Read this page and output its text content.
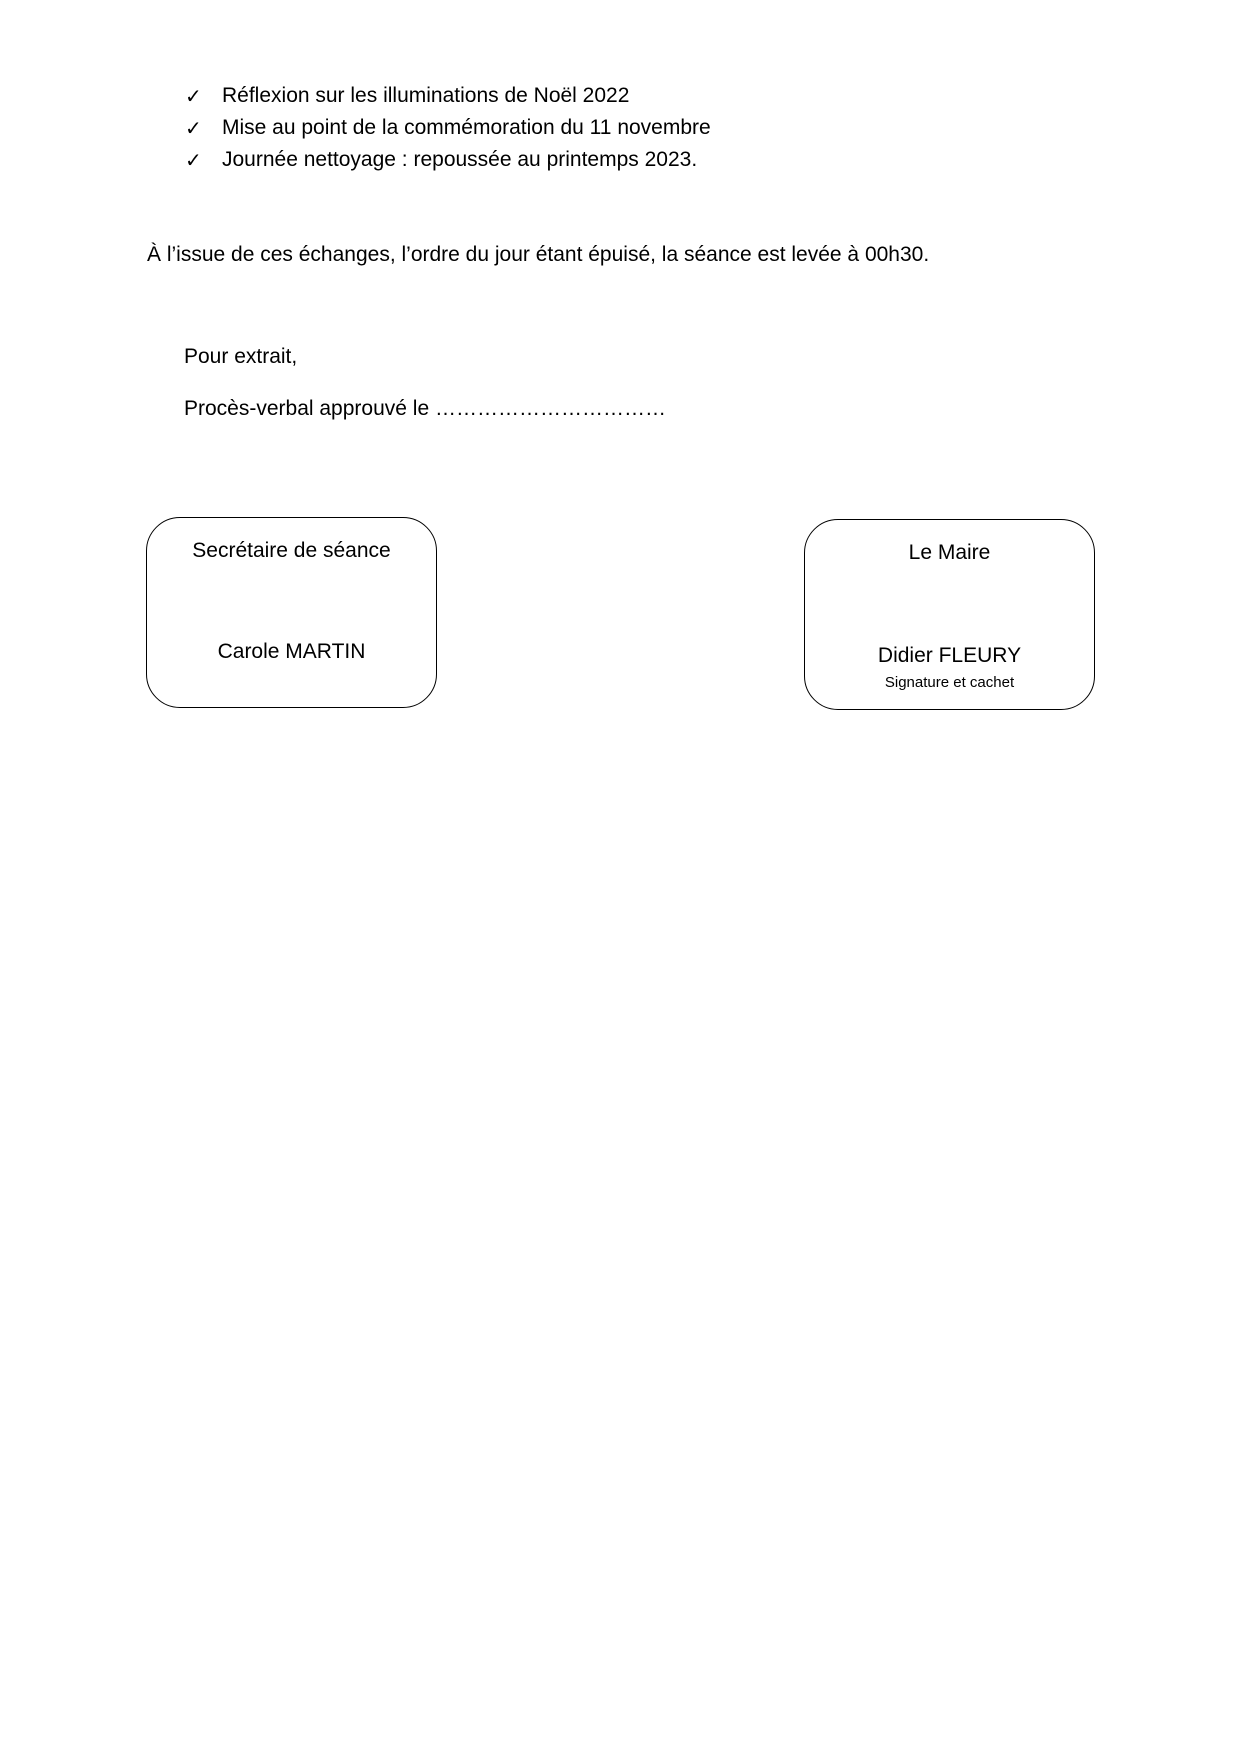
✓ Réflexion sur les illuminations de Noël 2022
✓ Mise au point de la commémoration du 11 novembre
✓ Journée nettoyage : repoussée au printemps 2023.
À l’issue de ces échanges, l’ordre du jour étant épuisé, la séance est levée à 00h30.
Pour extrait,
Procès-verbal approuvé le ……………………………
Secrétaire de séance
Carole MARTIN
Le Maire
Didier FLEURY
Signature et cachet
